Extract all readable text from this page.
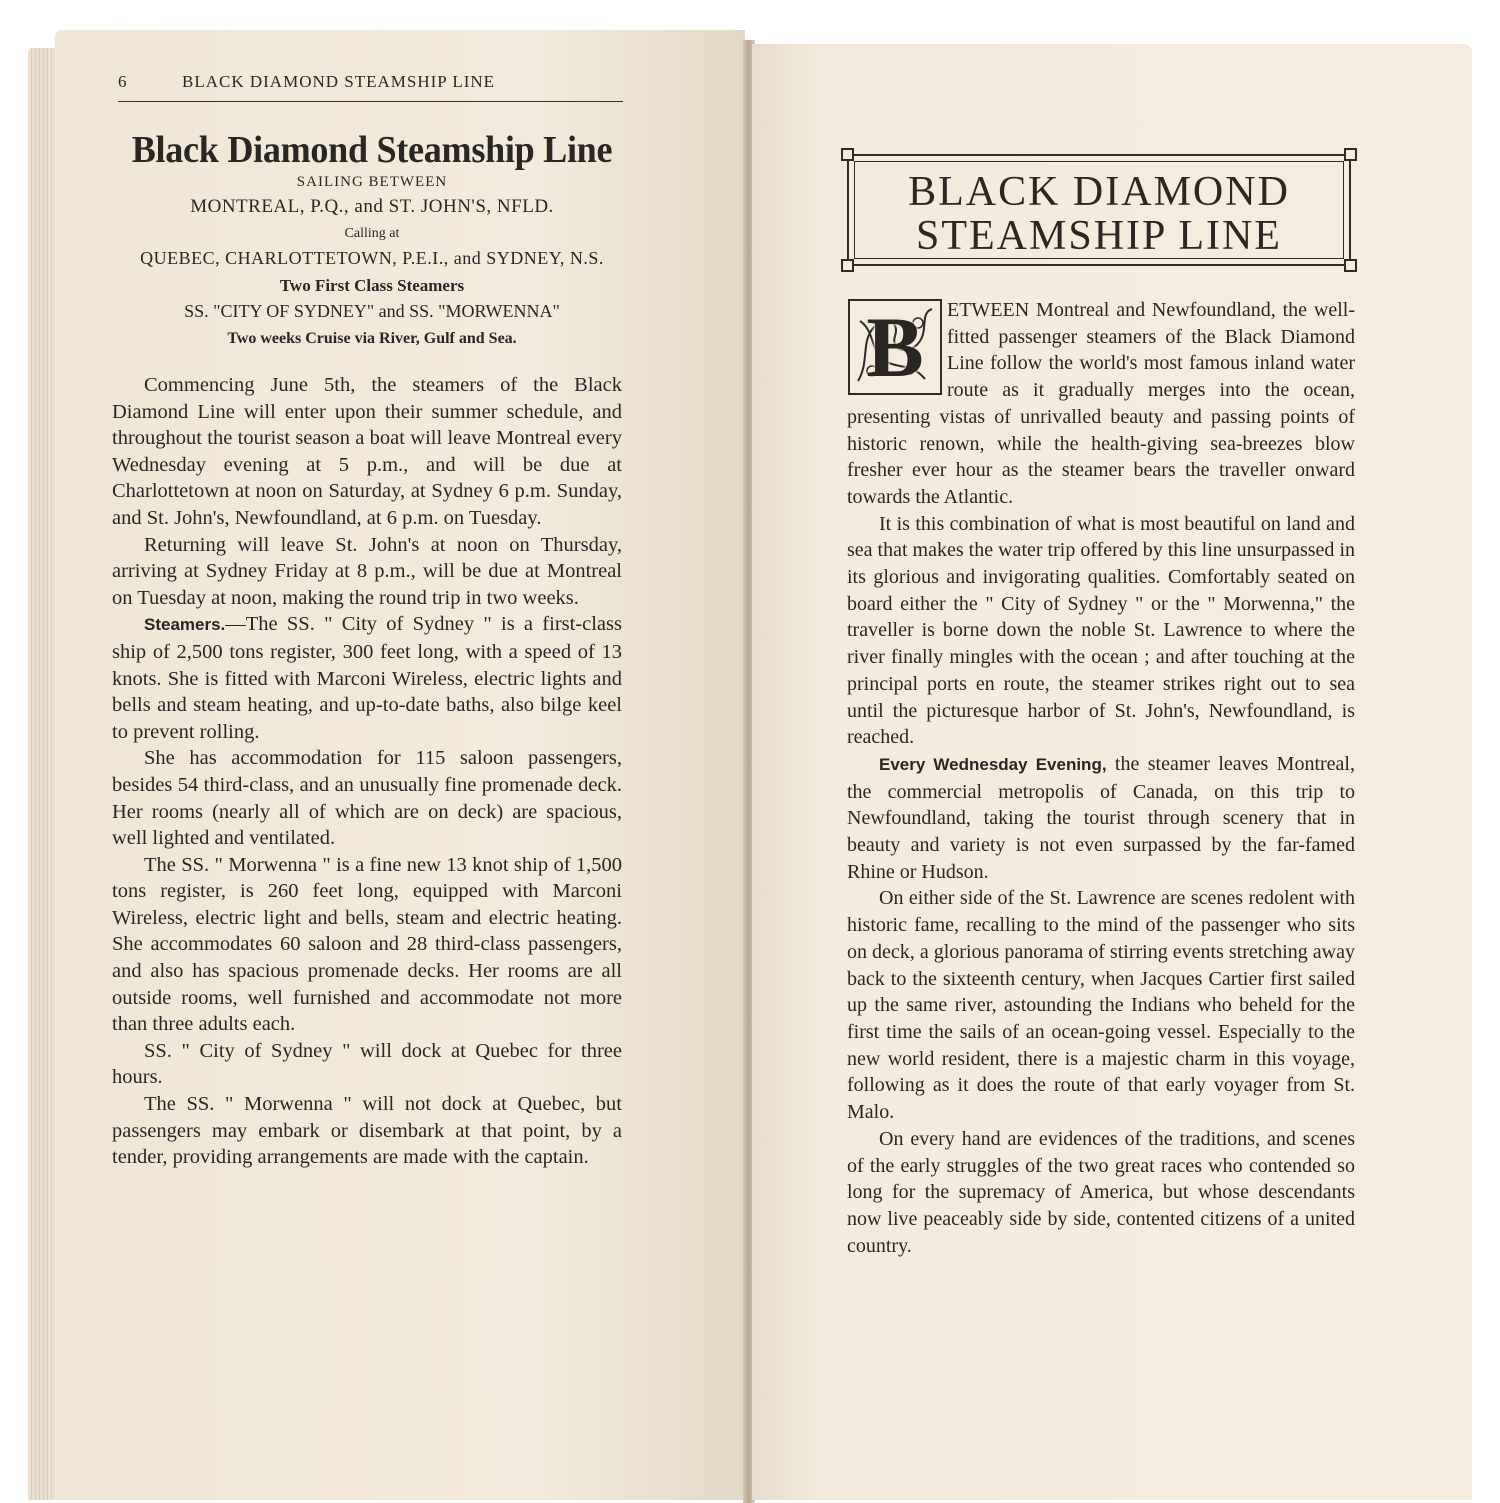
6	BLACK DIAMOND STEAMSHIP LINE
Black Diamond Steamship Line
SAILING BETWEEN
MONTREAL, P.Q., and ST. JOHN'S, NFLD.
Calling at
QUEBEC, CHARLOTTETOWN, P.E.I., and SYDNEY, N.S.
Two First Class Steamers
SS. "CITY OF SYDNEY" and SS. "MORWENNA"
Two weeks Cruise via River, Gulf and Sea.

Commencing June 5th, the steamers of the Black Diamond Line will enter upon their summer schedule, and throughout the tourist season a boat will leave Montreal every Wednesday evening at 5 p.m., and will be due at Charlottetown at noon on Saturday, at Sydney 6 p.m. Sunday, and St. John's, Newfoundland, at 6 p.m. on Tuesday.

Returning will leave St. John's at noon on Thursday, arriving at Sydney Friday at 8 p.m., will be due at Montreal on Tuesday at noon, making the round trip in two weeks.

Steamers.—The SS. " City of Sydney " is a first-class ship of 2,500 tons register, 300 feet long, with a speed of 13 knots. She is fitted with Marconi Wireless, electric lights and bells and steam heating, and up-to-date baths, also bilge keel to prevent rolling.

She has accommodation for 115 saloon passengers, besides 54 third-class, and an unusually fine promenade deck. Her rooms (nearly all of which are on deck) are spacious, well lighted and ventilated.

The SS. " Morwenna " is a fine new 13 knot ship of 1,500 tons register, is 260 feet long, equipped with Marconi Wireless, electric light and bells, steam and electric heating. She accommodates 60 saloon and 28 third-class passengers, and also has spacious promenade decks. Her rooms are all outside rooms, well furnished and accommodate not more than three adults each.

SS. " City of Sydney " will dock at Quebec for three hours.

The SS. " Morwenna " will not dock at Quebec, but passengers may embark or disembark at that point, by a tender, providing arrangements are made with the captain.

BLACK DIAMOND
STEAMSHIP LINE
B	ETWEEN Montreal and Newfoundland, the well-fitted passenger steamers of the Black Diamond Line follow the world's most famous inland water route as it gradually merges into the ocean, presenting vistas of unrivalled beauty and passing points of historic renown, while the health-giving sea-breezes blow fresher ever hour as the steamer bears the traveller onward towards the Atlantic.

It is this combination of what is most beautiful on land and sea that makes the water trip offered by this line unsurpassed in its glorious and invigorating qualities. Comfortably seated on board either the " City of Sydney " or the " Morwenna," the traveller is borne down the noble St. Lawrence to where the river finally mingles with the ocean ; and after touching at the principal ports en route, the steamer strikes right out to sea until the picturesque harbor of St. John's, Newfoundland, is reached.

Every Wednesday Evening, the steamer leaves Montreal, the commercial metropolis of Canada, on this trip to Newfoundland, taking the tourist through scenery that in beauty and variety is not even surpassed by the far-famed Rhine or Hudson.

On either side of the St. Lawrence are scenes redolent with historic fame, recalling to the mind of the passenger who sits on deck, a glorious panorama of stirring events stretching away back to the sixteenth century, when Jacques Cartier first sailed up the same river, astounding the Indians who beheld for the first time the sails of an ocean-going vessel. Especially to the new world resident, there is a majestic charm in this voyage, following as it does the route of that early voyager from St. Malo.

On every hand are evidences of the traditions, and scenes of the early struggles of the two great races who contended so long for the supremacy of America, but whose descendants now live peaceably side by side, contented citizens of a united country.
